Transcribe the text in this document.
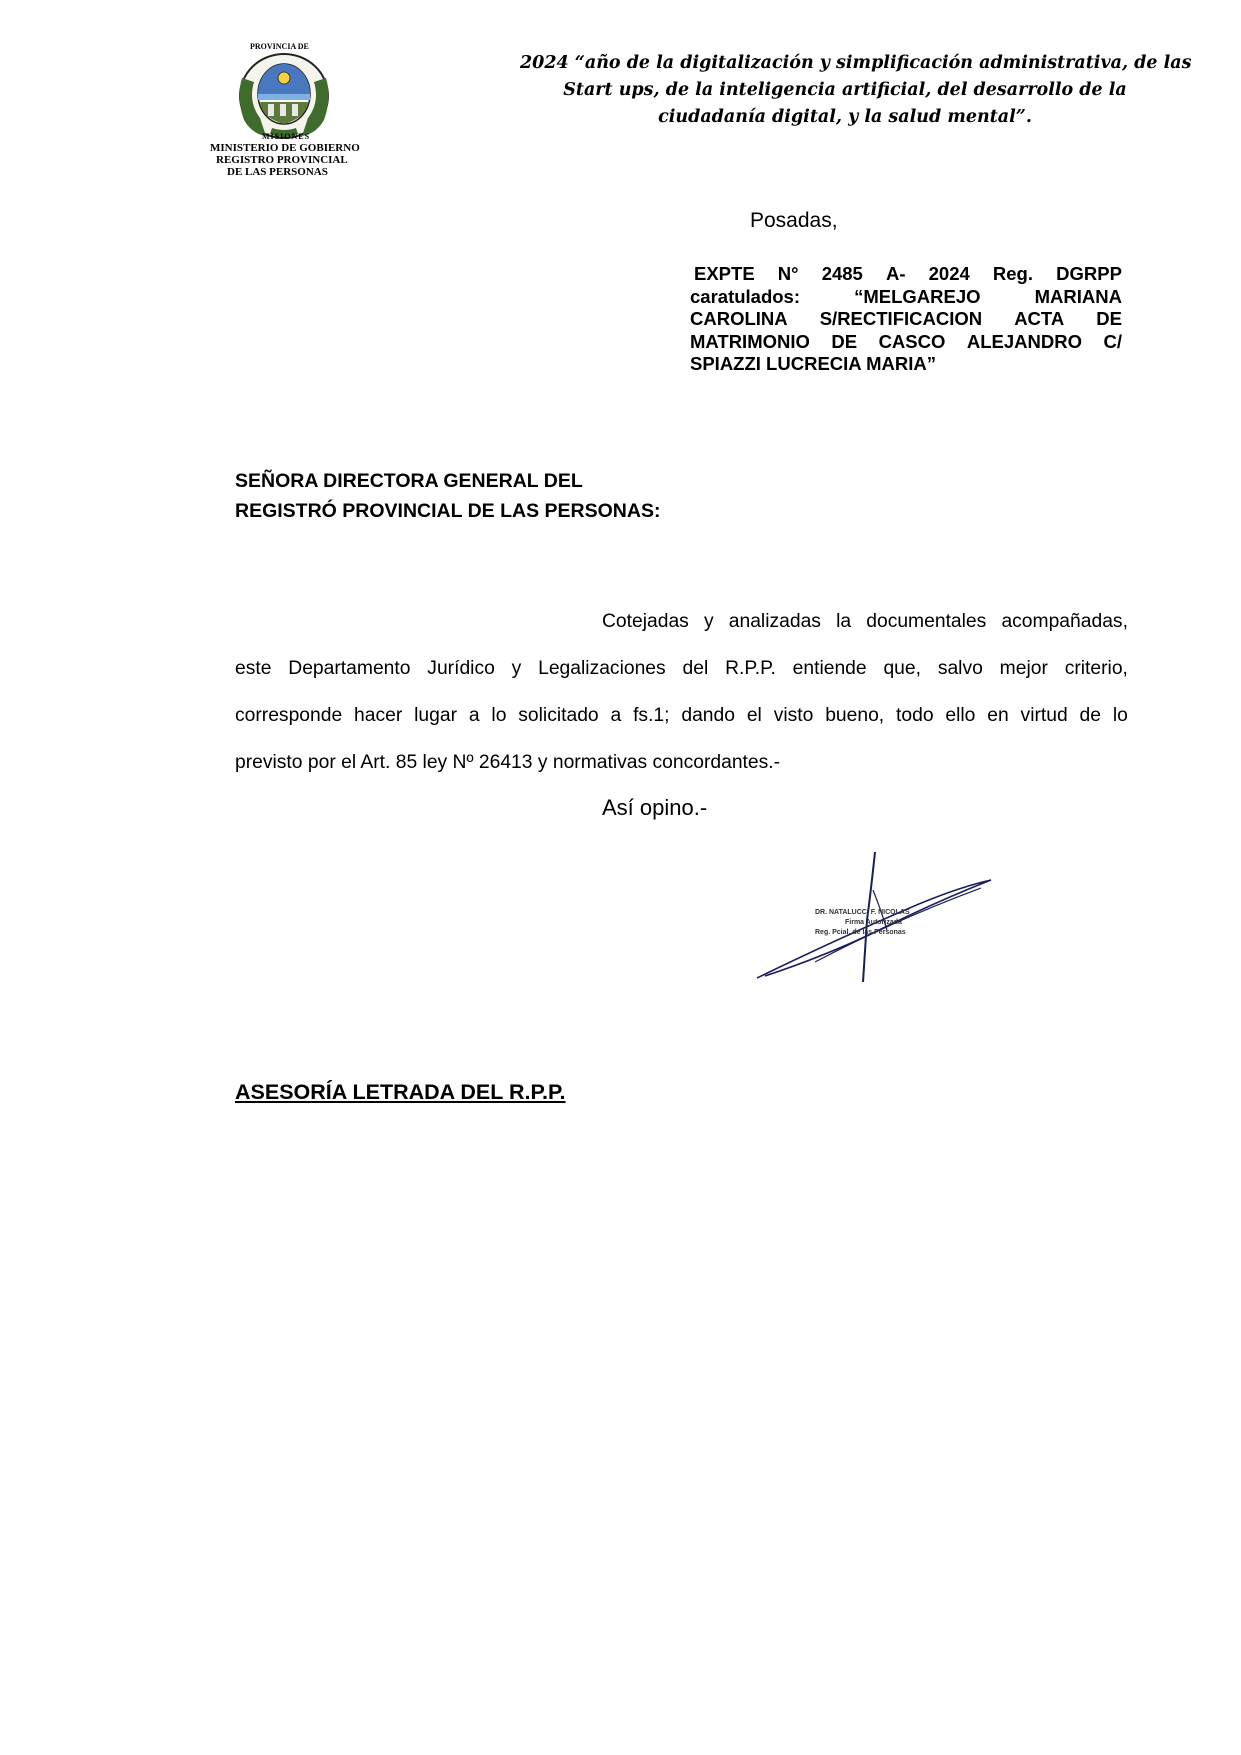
PROVINCIA DE
MISIONES
MINISTERIO DE GOBIERNO
REGISTRO PROVINCIAL
DE LAS PERSONAS
2024 “año de la digitalización y simplificación administrativa, de las
Start ups, de la inteligencia artificial, del desarrollo de la
ciudadanía digital, y la salud mental”.
Posadas,
EXPTE N° 2485 A- 2024 Reg. DGRPP
caratulados:	“MELGAREJO	MARIANA
CAROLINA S/RECTIFICACION ACTA DE
MATRIMONIO DE CASCO ALEJANDRO C/
SPIAZZI LUCRECIA MARIA”
SEÑORA DIRECTORA GENERAL DEL
REGISTRÓ PROVINCIAL DE LAS PERSONAS:
Cotejadas y analizadas la documentales acompañadas,
este Departamento Jurídico y Legalizaciones del R.P.P. entiende que, salvo mejor criterio,
corresponde hacer lugar a lo solicitado a fs.1; dando el visto bueno, todo ello en virtud de lo
previsto por el Art. 85 ley Nº 26413 y normativas concordantes.-
Así opino.-
DR. NATALUCCI F. NICOLAS
Firma Autorizada
Reg. Pcial. de las Personas
ASESORÍA LETRADA DEL R.P.P.
